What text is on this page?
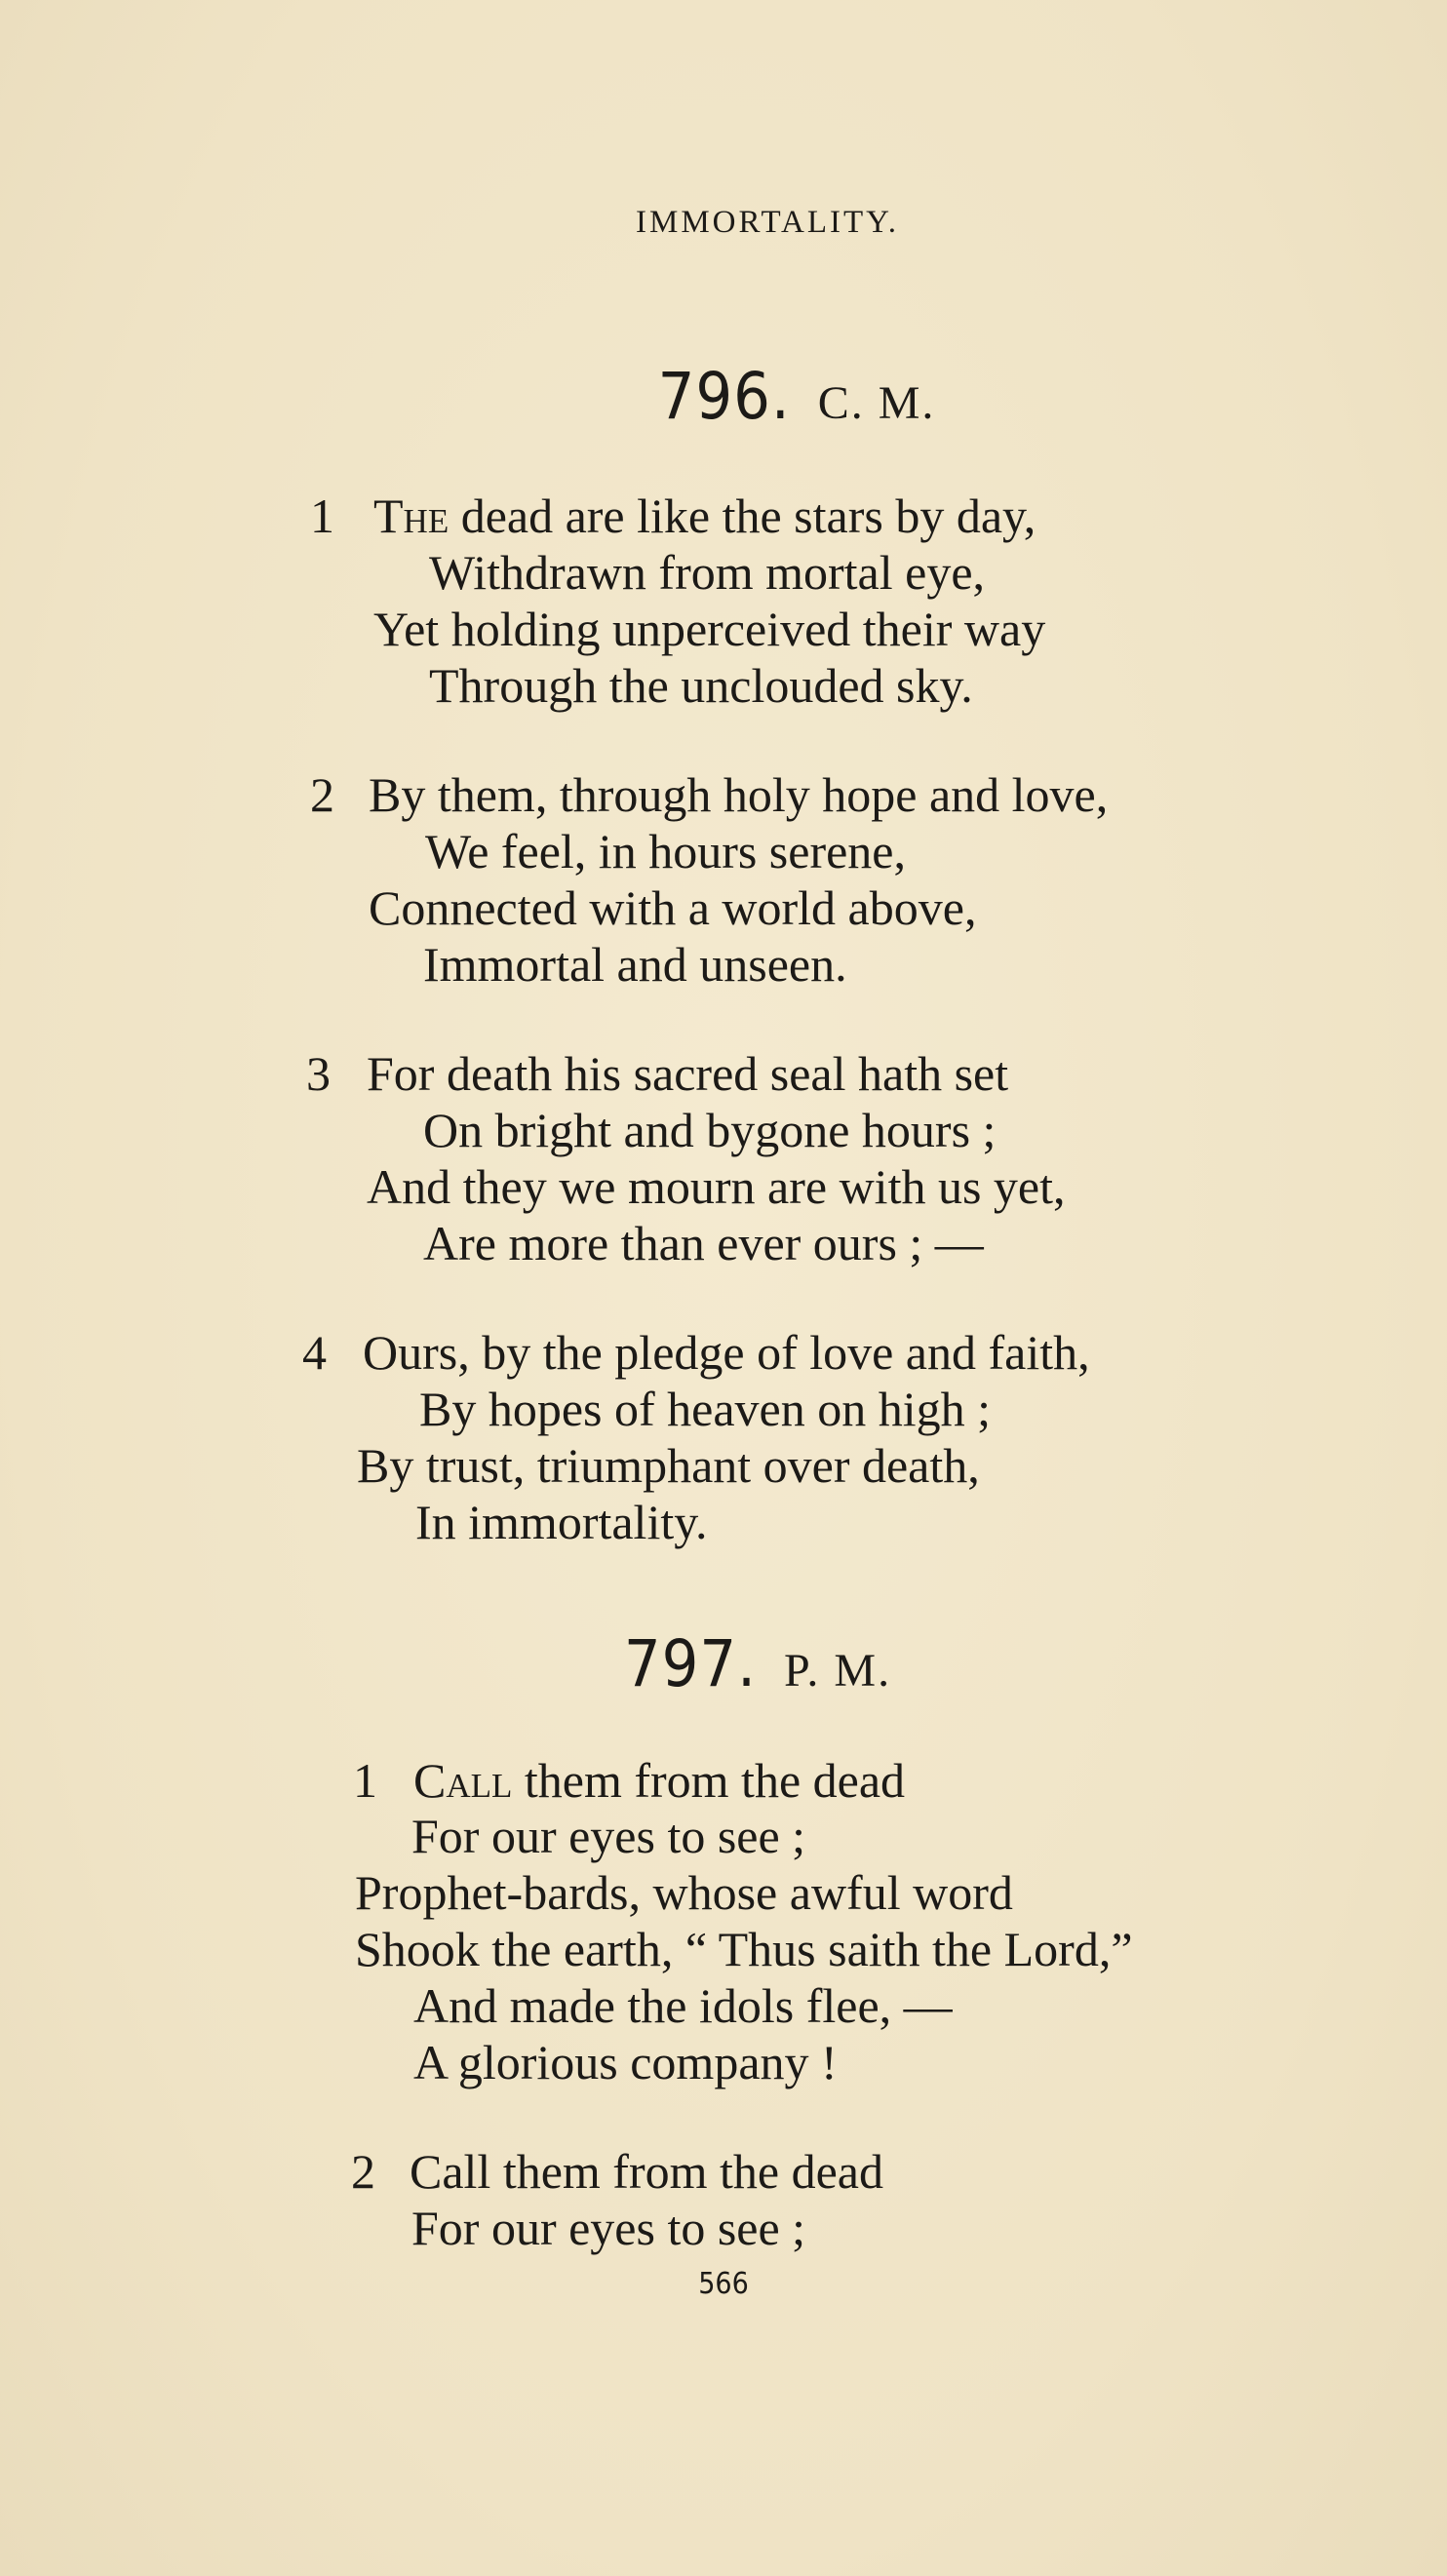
IMMORTALITY.
796. C. M.
1 The dead are like the stars by day,
Withdrawn from mortal eye,
Yet holding unperceived their way
Through the unclouded sky.
2 By them, through holy hope and love,
We feel, in hours serene,
Connected with a world above,
Immortal and unseen.
3 For death his sacred seal hath set
On bright and bygone hours ;
And they we mourn are with us yet,
Are more than ever ours ; —
4 Ours, by the pledge of love and faith,
By hopes of heaven on high ;
By trust, triumphant over death,
In immortality.
797. P. M.
1 Call them from the dead
For our eyes to see ;
Prophet-bards, whose awful word
Shook the earth, “ Thus saith the Lord,”
And made the idols flee, —
A glorious company !
2 Call them from the dead
For our eyes to see ;
566
